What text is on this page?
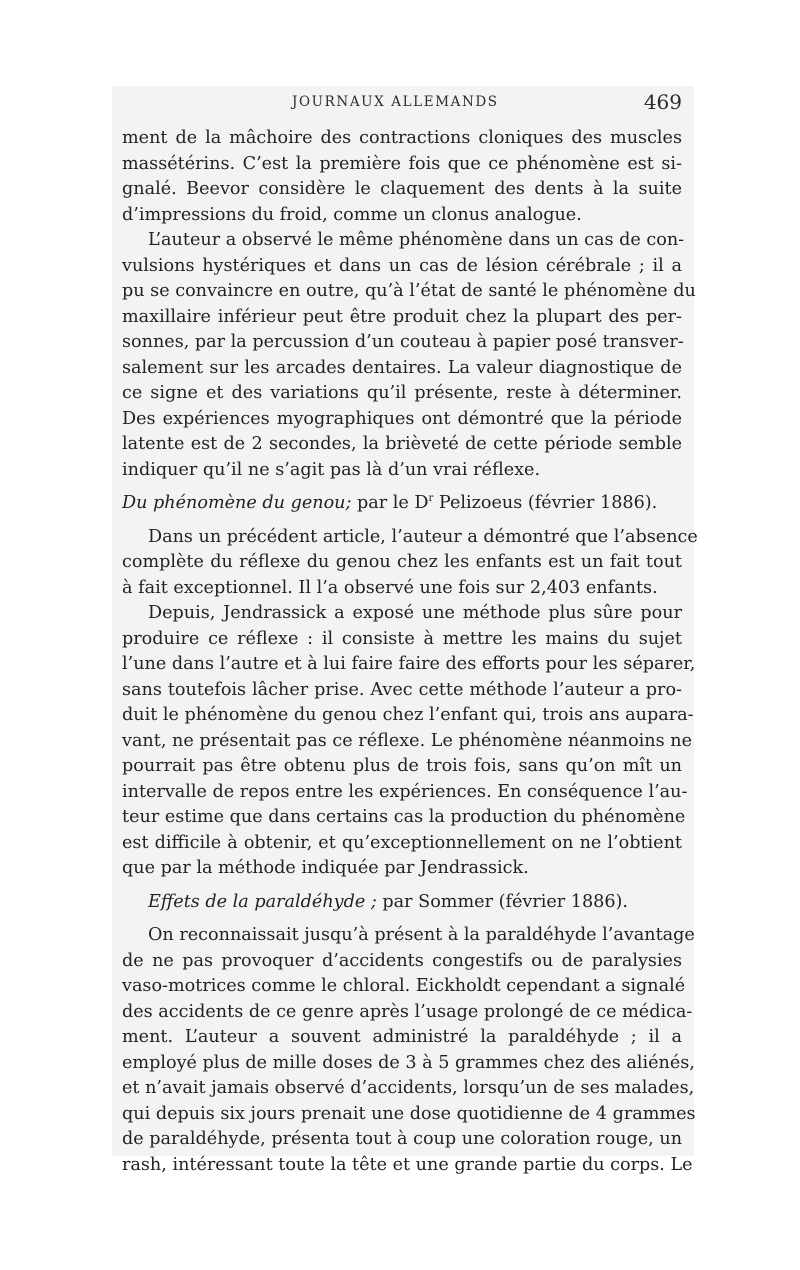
JOURNAUX ALLEMANDS	469
ment de la mâchoire des contractions cloniques des muscles
massétérins. C’est la première fois que ce phénomène est si-
gnalé. Beevor considère le claquement des dents à la suite
d’impressions du froid, comme un clonus analogue.
L’auteur a observé le même phénomène dans un cas de con-
vulsions hystériques et dans un cas de lésion cérébrale ; il a
pu se convaincre en outre, qu’à l’état de santé le phénomène du
maxillaire inférieur peut être produit chez la plupart des per-
sonnes, par la percussion d’un couteau à papier posé transver-
salement sur les arcades dentaires. La valeur diagnostique de
ce signe et des variations qu’il présente, reste à déterminer.
Des expériences myographiques ont démontré que la période
latente est de 2 secondes, la brièveté de cette période semble
indiquer qu’il ne s’agit pas là d’un vrai réflexe.
Du phénomène du genou; par le $D^r$ Pelizoeus (février 1886).
Dans un précédent article, l’auteur a démontré que l’absence
complète du réflexe du genou chez les enfants est un fait tout
à fait exceptionnel. Il l’a observé une fois sur 2,403 enfants.
Depuis, Jendrassick a exposé une méthode plus sûre pour
produire ce réflexe : il consiste à mettre les mains du sujet
l’une dans l’autre et à lui faire faire des efforts pour les séparer,
sans toutefois lâcher prise. Avec cette méthode l’auteur a pro-
duit le phénomène du genou chez l’enfant qui, trois ans aupara-
vant, ne présentait pas ce réflexe. Le phénomène néanmoins ne
pourrait pas être obtenu plus de trois fois, sans qu’on mît un
intervalle de repos entre les expériences. En conséquence l’au-
teur estime que dans certains cas la production du phénomène
est difficile à obtenir, et qu’exceptionnellement on ne l’obtient
que par la méthode indiquée par Jendrassick.
Effets de la paraldéhyde ; par Sommer (février 1886).
On reconnaissait jusqu’à présent à la paraldéhyde l’avantage
de ne pas provoquer d’accidents congestifs ou de paralysies
vaso-motrices comme le chloral. Eickholdt cependant a signalé
des accidents de ce genre après l’usage prolongé de ce médica-
ment. L’auteur a souvent administré la paraldéhyde ; il a
employé plus de mille doses de 3 à 5 grammes chez des aliénés,
et n’avait jamais observé d’accidents, lorsqu’un de ses malades,
qui depuis six jours prenait une dose quotidienne de 4 grammes
de paraldéhyde, présenta tout à coup une coloration rouge, un
rash, intéressant toute la tête et une grande partie du corps. Le
